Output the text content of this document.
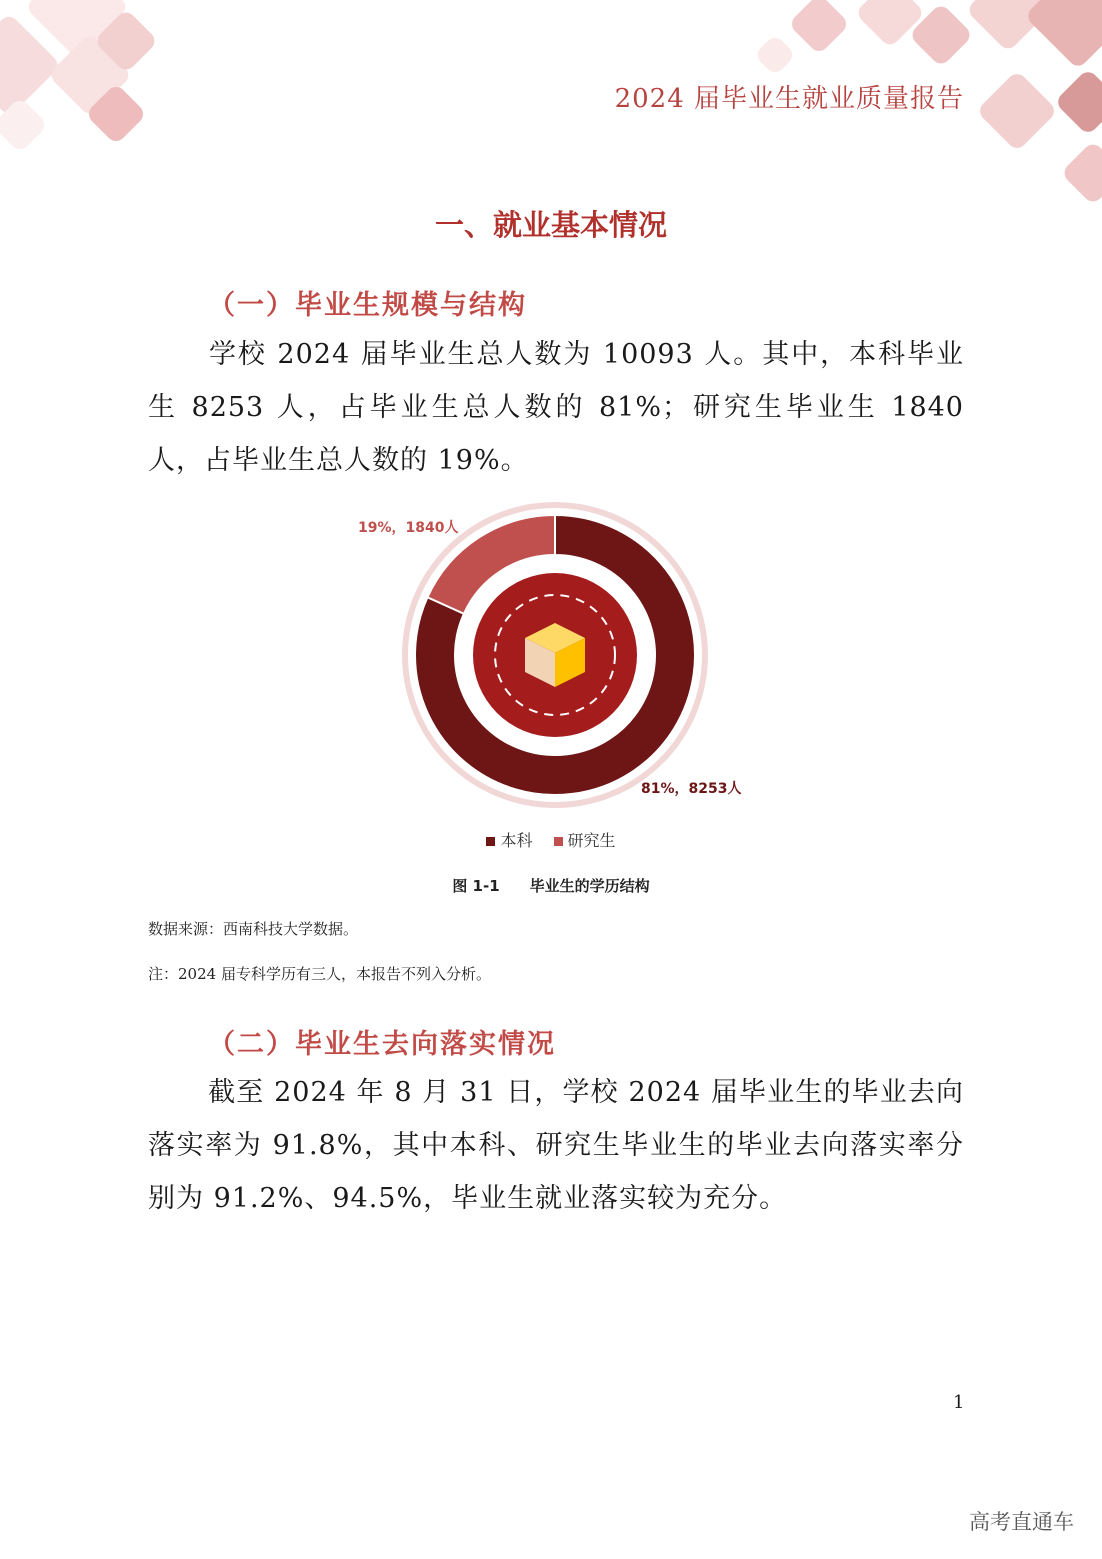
2024 届毕业生就业质量报告
一、就业基本情况
（一）毕业生规模与结构

学校 2024 届毕业生总人数为 10093 人。其中，本科毕业生 8253 人，占毕业生总人数的 81%；研究生毕业生 1840 人，占毕业生总人数的 19%。

81%，8253人
19%，1840人
本科 研究生
图 1-1 毕业生的学历结构
数据来源：西南科技大学数据。
注：2024 届专科学历有三人，本报告不列入分析。
（二）毕业生去向落实情况

截至 2024 年 8 月 31 日，学校 2024 届毕业生的毕业去向落实率为 91.8%，其中本科、研究生毕业生的毕业去向落实率分别为 91.2%、94.5%，毕业生就业落实较为充分。

1
高考直通车
